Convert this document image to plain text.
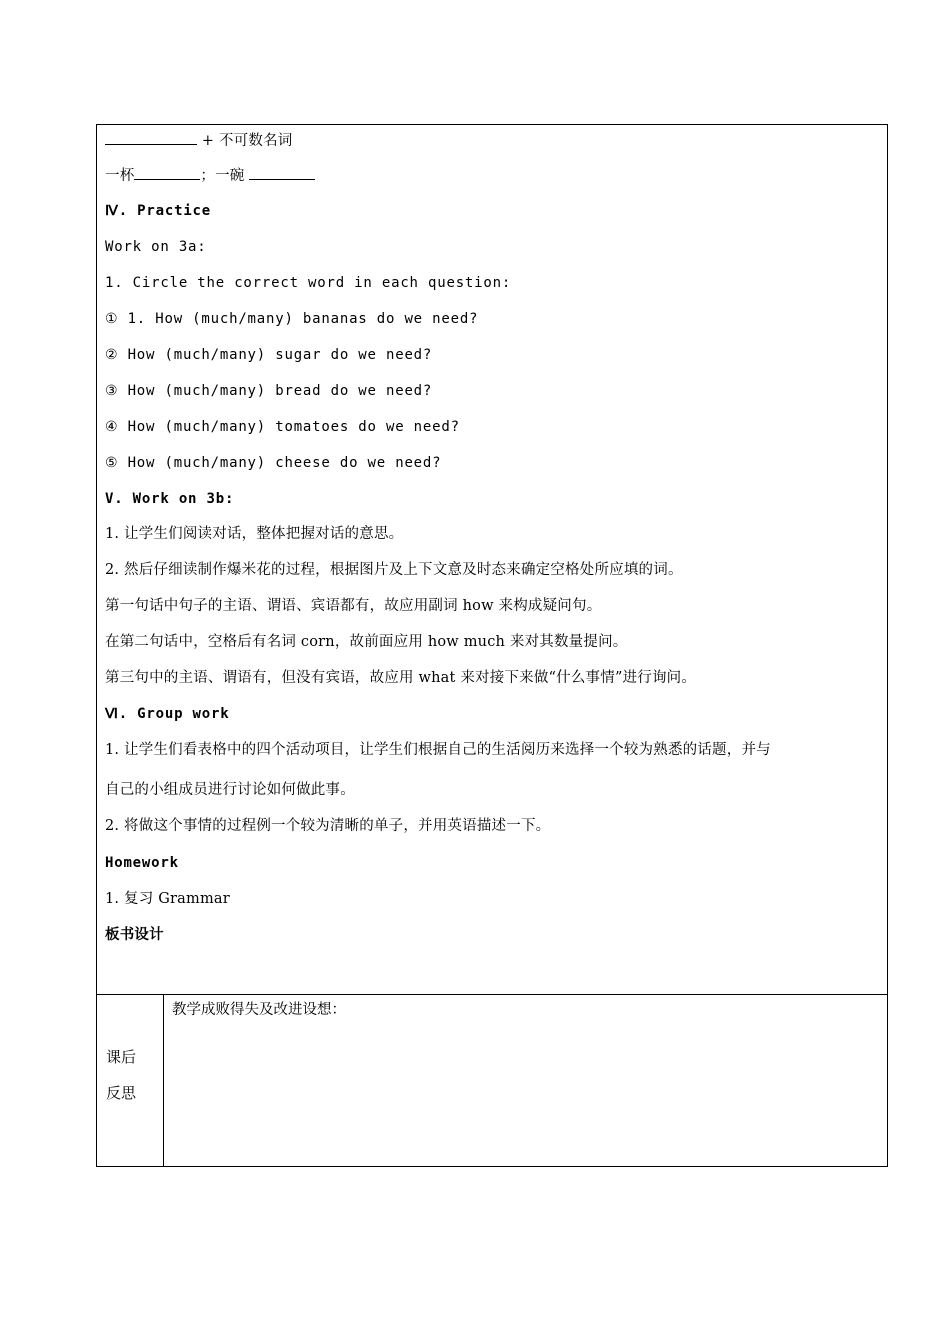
+ 不可数名词
一杯	；一碗
Ⅳ. Practice
Work on 3a:
1. Circle the correct word in each question:
① 1. How (much/many) bananas do we need?
② How (much/many) sugar do we need?
③ How (much/many) bread do we need?
④ How (much/many) tomatoes do we need?
⑤ How (much/many) cheese do we need?
V. Work on 3b:
1. 让学生们阅读对话，整体把握对话的意思。
2. 然后仔细读制作爆米花的过程，根据图片及上下文意及时态来确定空格处所应填的词。
第一句话中句子的主语、谓语、宾语都有，故应用副词 how 来构成疑问句。
在第二句话中，空格后有名词 corn，故前面应用 how much 来对其数量提问。
第三句中的主语、谓语有，但没有宾语，故应用 what 来对接下来做“什么事情”进行询问。
Ⅵ. Group work
1. 让学生们看表格中的四个活动项目，让学生们根据自己的生活阅历来选择一个较为熟悉的话题，并与
自己的小组成员进行讨论如何做此事。
2. 将做这个事情的过程例一个较为清晰的单子，并用英语描述一下。
Homework
1. 复习 Grammar
板书设计
课后
反思
教学成败得失及改进设想：
